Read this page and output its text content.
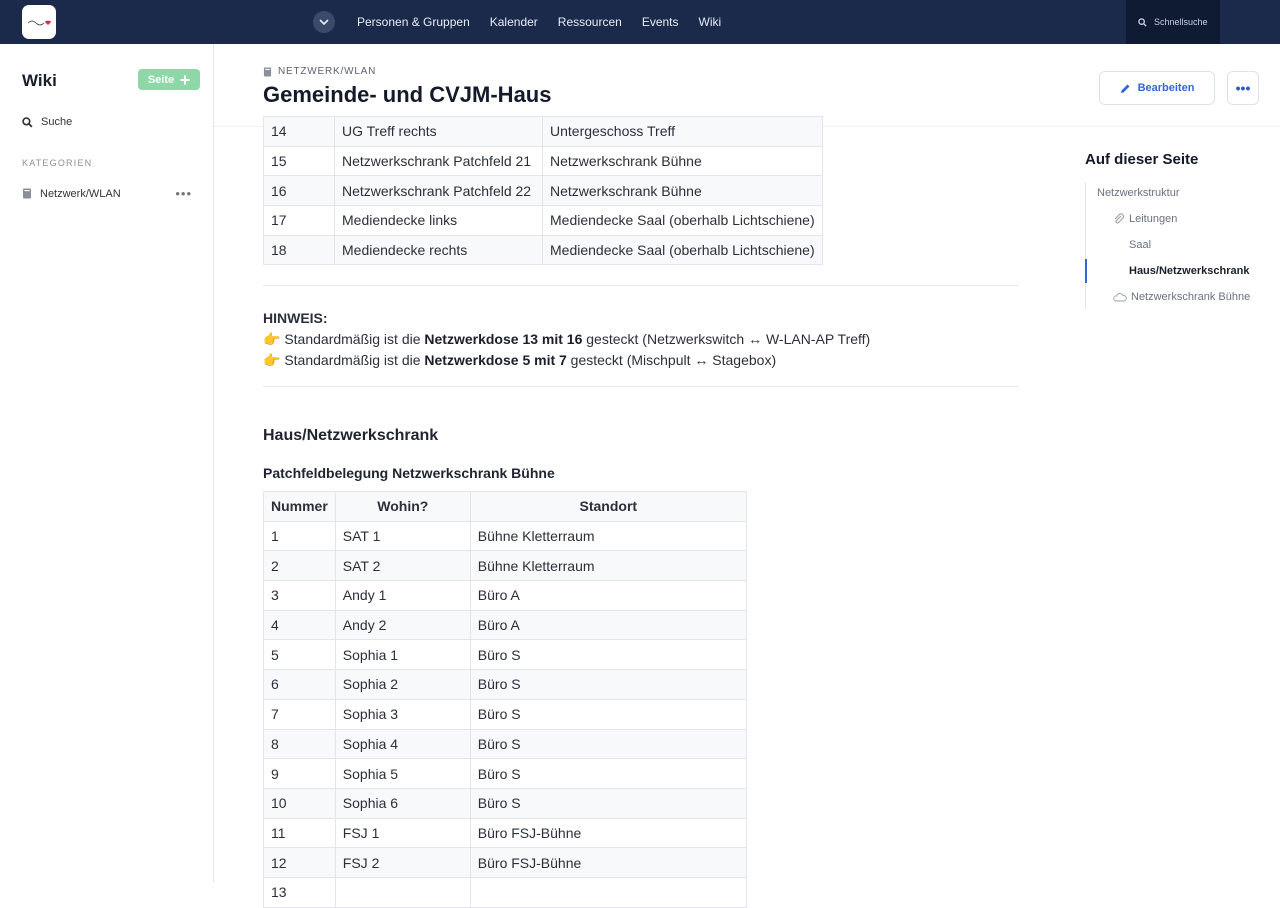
Personen & Gruppen Kalender Ressourcen Events Wiki	Schnellsuche
Wiki	Seite
Suche
KATEGORIEN
Netzwerk/WLAN	•••
NETZWERK/WLAN
Gemeinde- und CVJM-Haus	Bearbeiten	•••
14	UG Treff rechts	Untergeschoss Treff
15	Netzwerkschrank Patchfeld 21	Netzwerkschrank Bühne
16	Netzwerkschrank Patchfeld 22	Netzwerkschrank Bühne
17	Mediendecke links	Mediendecke Saal (oberhalb Lichtschiene)
18	Mediendecke rechts	Mediendecke Saal (oberhalb Lichtschiene)
HINWEIS:
👉 Standardmäßig ist die Netzwerkdose 13 mit 16 gesteckt (Netzwerkswitch ↔ W-LAN-AP Treff)
👉 Standardmäßig ist die Netzwerkdose 5 mit 7 gesteckt (Mischpult ↔ Stagebox)
Haus/Netzwerkschrank
Patchfeldbelegung Netzwerkschrank Bühne
Nummer	Wohin?	Standort
1	SAT 1	Bühne Kletterraum
2	SAT 2	Bühne Kletterraum
3	Andy 1	Büro A
4	Andy 2	Büro A
5	Sophia 1	Büro S
6	Sophia 2	Büro S
7	Sophia 3	Büro S
8	Sophia 4	Büro S
9	Sophia 5	Büro S
10	Sophia 6	Büro S
11	FSJ 1	Büro FSJ-Bühne
12	FSJ 2	Büro FSJ-Bühne
13		
Auf dieser Seite
Netzwerkstruktur
Leitungen
Saal
Haus/Netzwerkschrank
Netzwerkschrank Bühne
